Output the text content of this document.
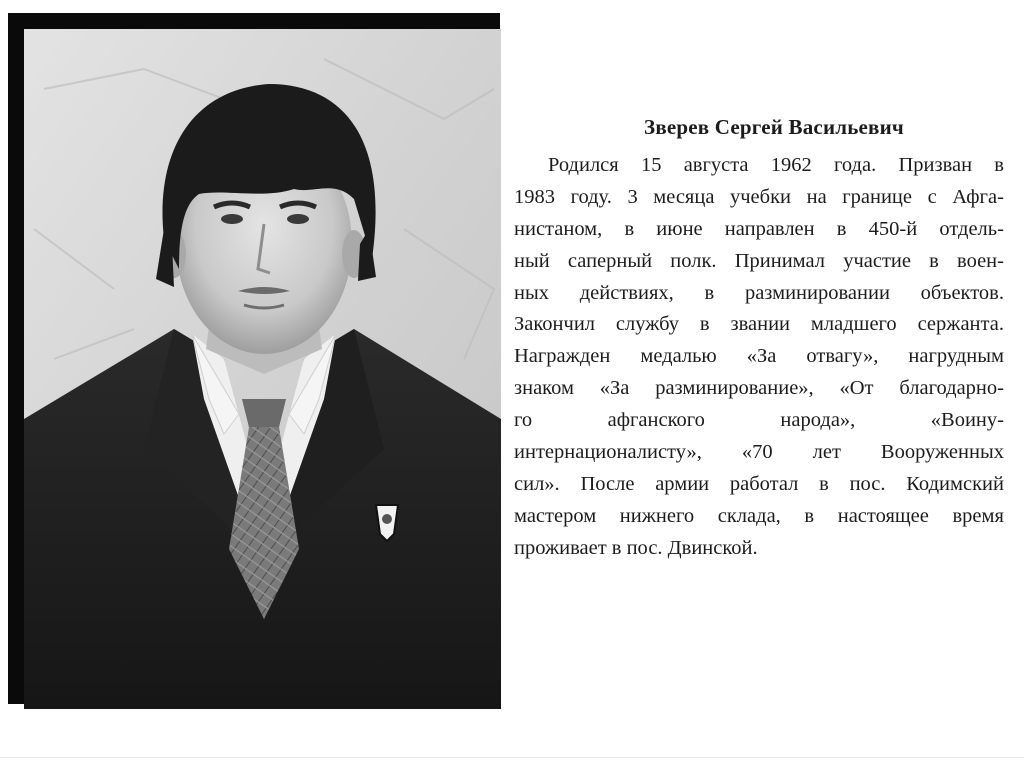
Зверев Сергей Васильевич
Родился 15 августа 1962 года. Призван в
1983 году. 3 месяца учебки на границе с Афга-
нистаном, в июне направлен в 450-й отдель-
ный саперный полк. Принимал участие в воен-
ных действиях, в разминировании объектов.
Закончил службу в звании младшего сержанта.
Награжден медалью «За отвагу», нагрудным
знаком «За разминирование», «От благодарно-
го	афганского	народа»,	«Воину-
интернационалисту», «70 лет Вооруженных
сил». После армии работал в пос. Кодимский
мастером нижнего склада, в настоящее время
проживает в пос. Двинской.
